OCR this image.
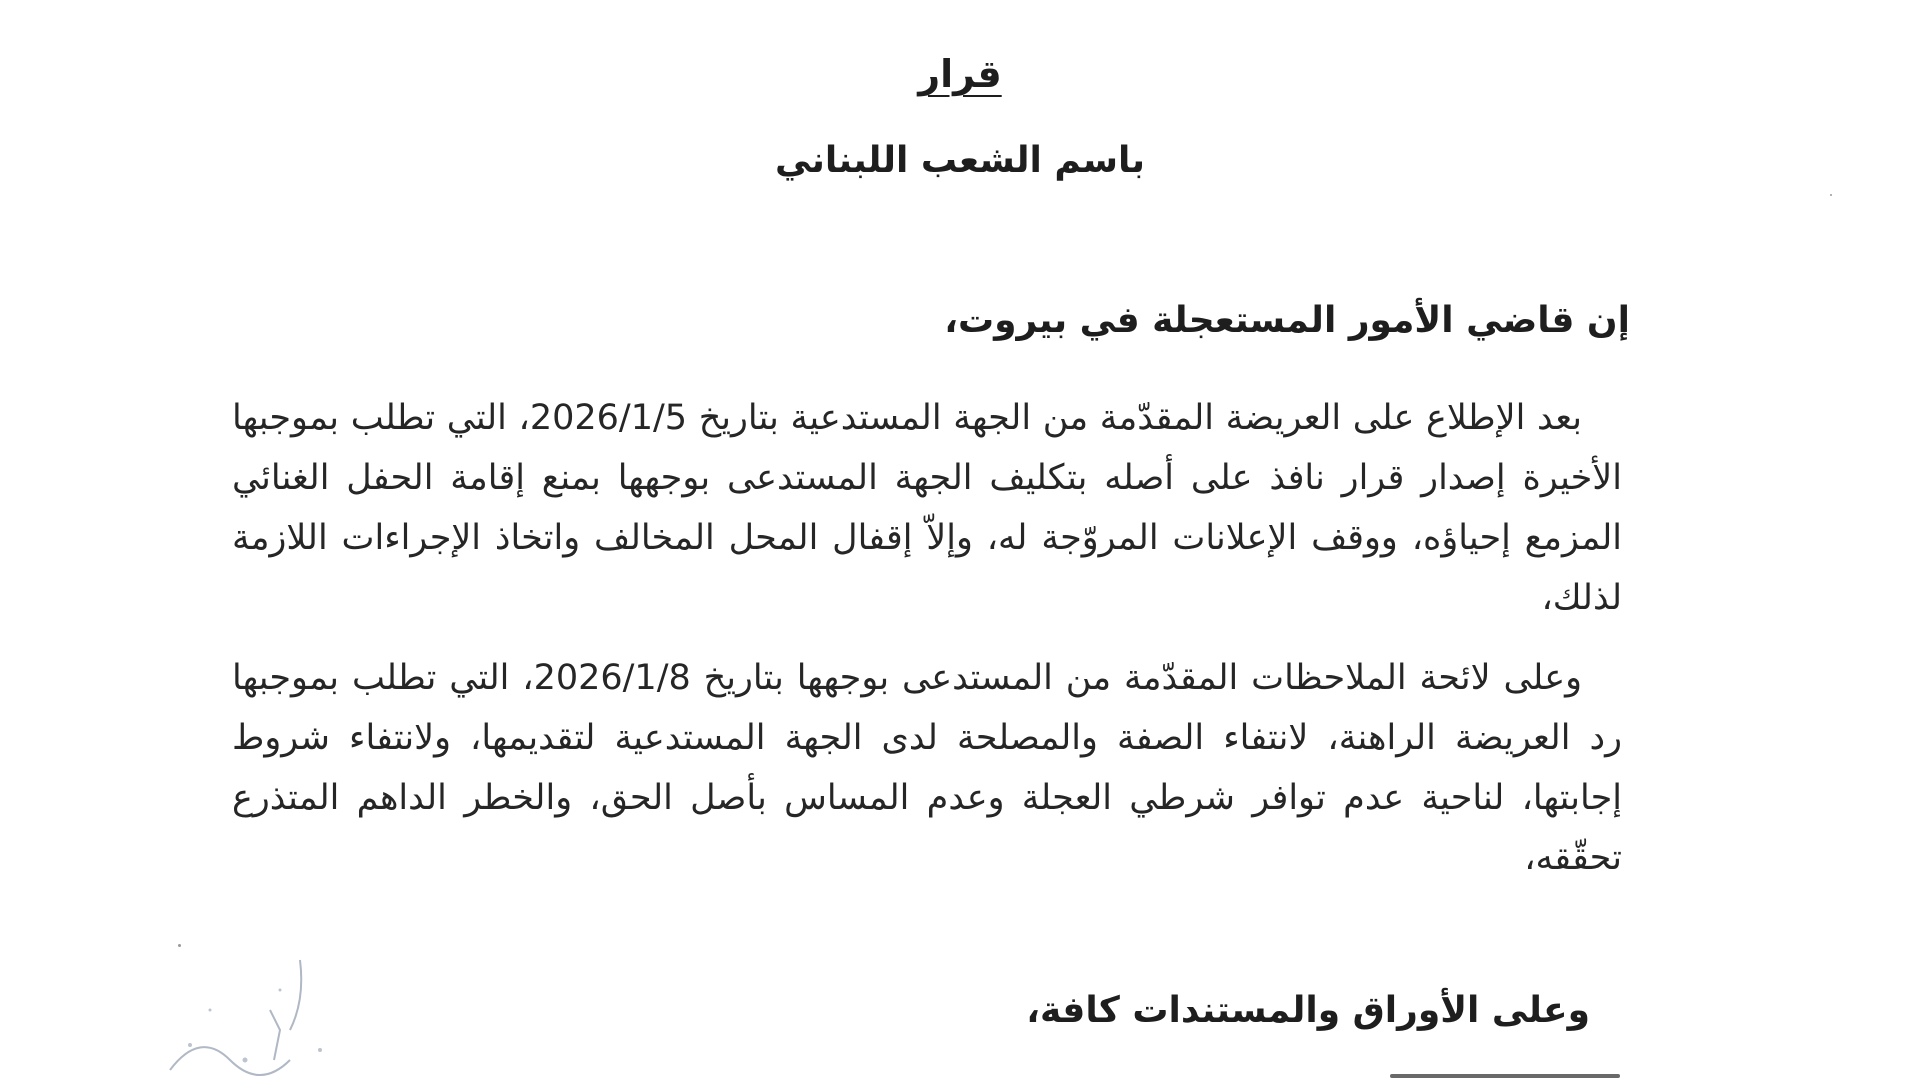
قرار
باسم الشعب اللبناني

إن قاضي الأمور المستعجلة في بيروت،

بعد الإطلاع على العريضة المقدّمة من الجهة المستدعية بتاريخ 2026/1/5، التي تطلب بموجبها الأخيرة إصدار قرار نافذ على أصله بتكليف الجهة المستدعى بوجهها بمنع إقامة الحفل الغنائي المزمع إحياؤه، ووقف الإعلانات المروّجة له، وإلاّ إقفال المحل المخالف واتخاذ الإجراءات اللازمة لذلك،

وعلى لائحة الملاحظات المقدّمة من المستدعى بوجهها بتاريخ 2026/1/8، التي تطلب بموجبها رد العريضة الراهنة، لانتفاء الصفة والمصلحة لدى الجهة المستدعية لتقديمها، ولانتفاء شروط إجابتها، لناحية عدم توافر شرطي العجلة وعدم المساس بأصل الحق، والخطر الداهم المتذرع تحقّقه،

وعلى الأوراق والمستندات كافة،
